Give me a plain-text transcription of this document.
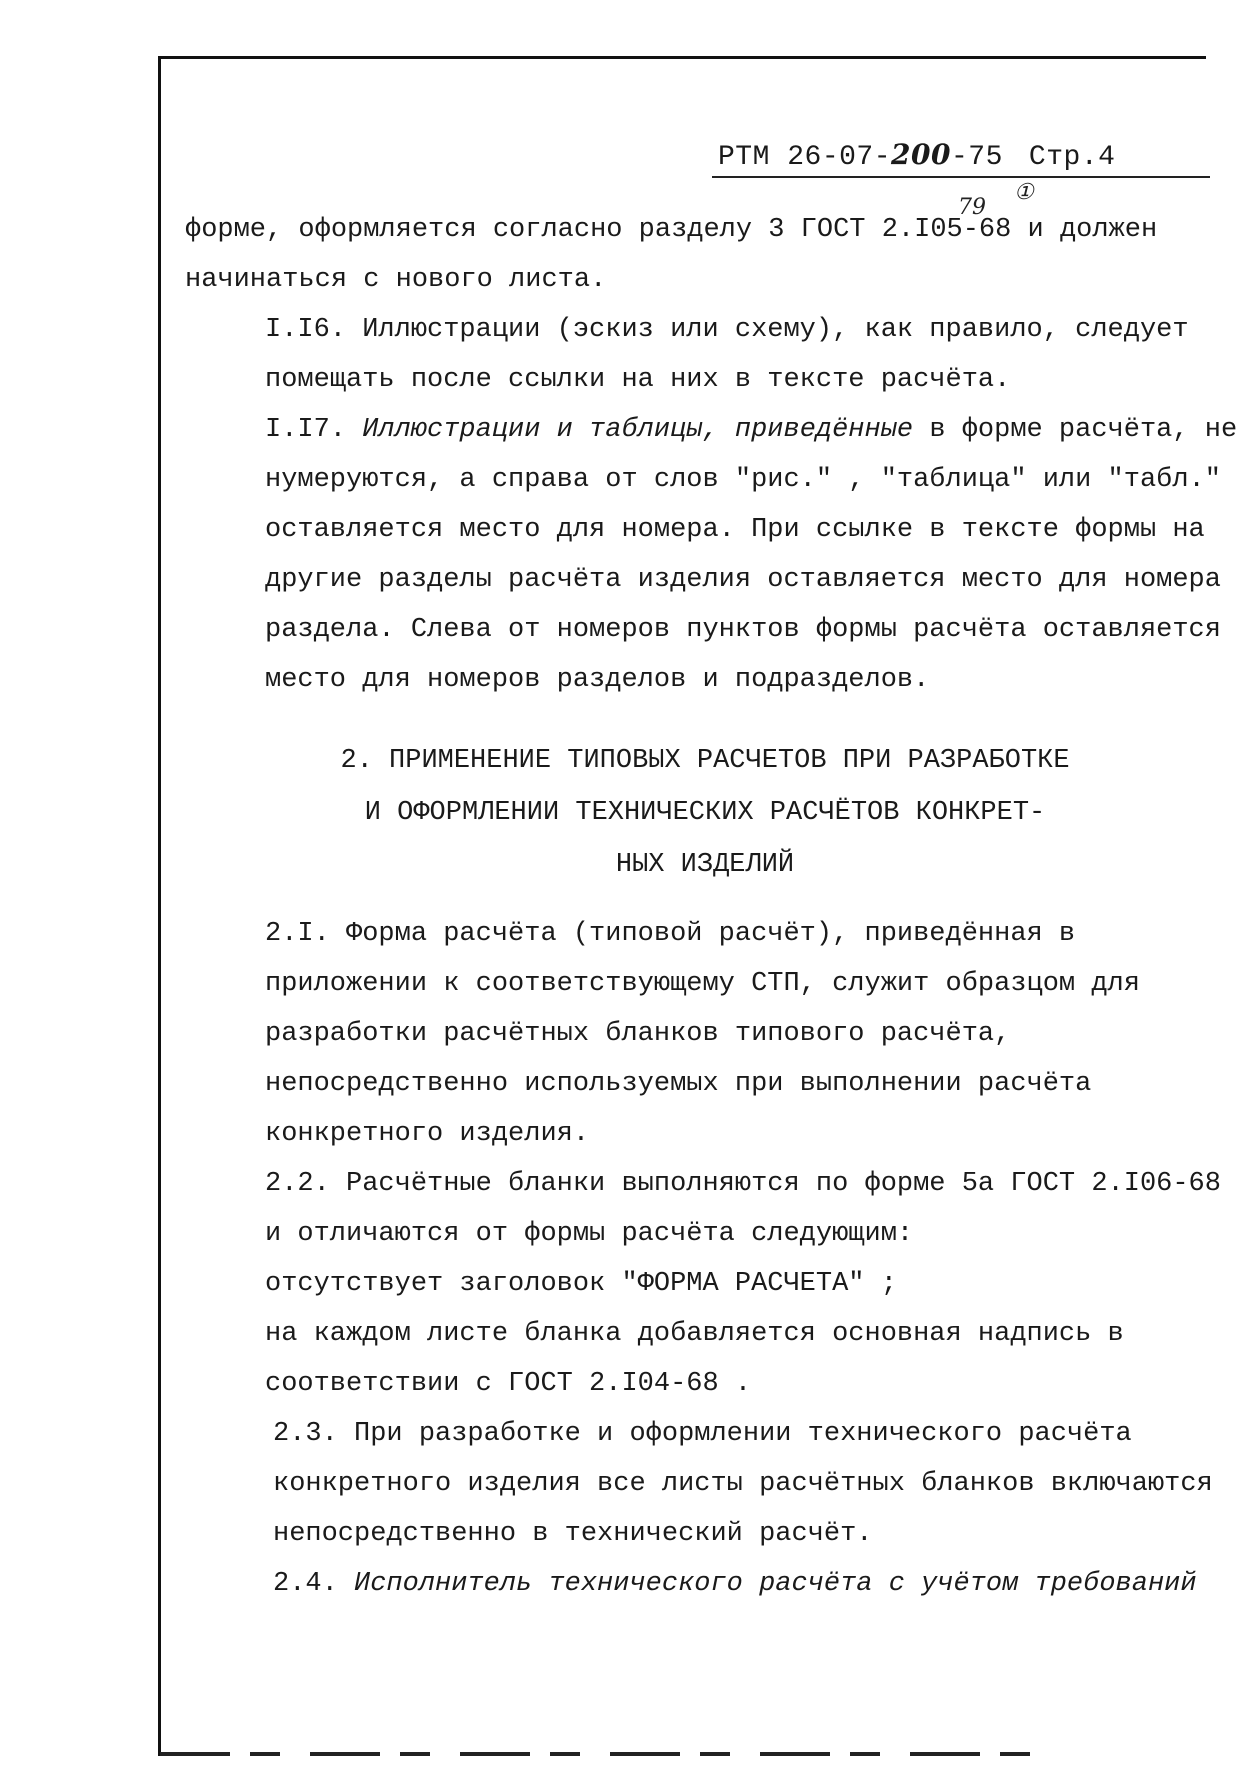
РТМ 26-07-200-75 Стр.4
①
79

форме, оформляется согласно разделу 3 ГОСТ 2.I05-68 и должен начинаться с нового листа.

I.I6. Иллюстрации (эскиз или схему), как правило, следует помещать после ссылки на них в тексте расчёта.

I.I7. Иллюстрации и таблицы, приведённые в форме расчёта, не нумеруются, а справа от слов "рис." , "таблица" или "табл." оставляется место для номера. При ссылке в тексте формы на другие разделы расчёта изделия оставляется место для номера раздела. Слева от номеров пунктов формы расчёта оставляется место для номеров разделов и подразделов.

2. ПРИМЕНЕНИЕ ТИПОВЫХ РАСЧЕТОВ ПРИ РАЗРАБОТКЕ
И ОФОРМЛЕНИИ ТЕХНИЧЕСКИХ РАСЧЁТОВ КОНКРЕТ-
НЫХ ИЗДЕЛИЙ

2.I. Форма расчёта (типовой расчёт), приведённая в приложении к соответствующему СТП, служит образцом для разработки расчётных бланков типового расчёта, непосредственно используемых при выполнении расчёта конкретного изделия.

2.2. Расчётные бланки выполняются по форме 5а ГОСТ 2.I06-68 и отличаются от формы расчёта следующим:

отсутствует заголовок "ФОРМА РАСЧЕТА" ;

на каждом листе бланка добавляется основная надпись в соответствии с ГОСТ 2.I04-68 .

2.3. При разработке и оформлении технического расчёта конкретного изделия все листы расчётных бланков включаются непосредственно в технический расчёт.

2.4. Исполнитель технического расчёта с учётом требований
